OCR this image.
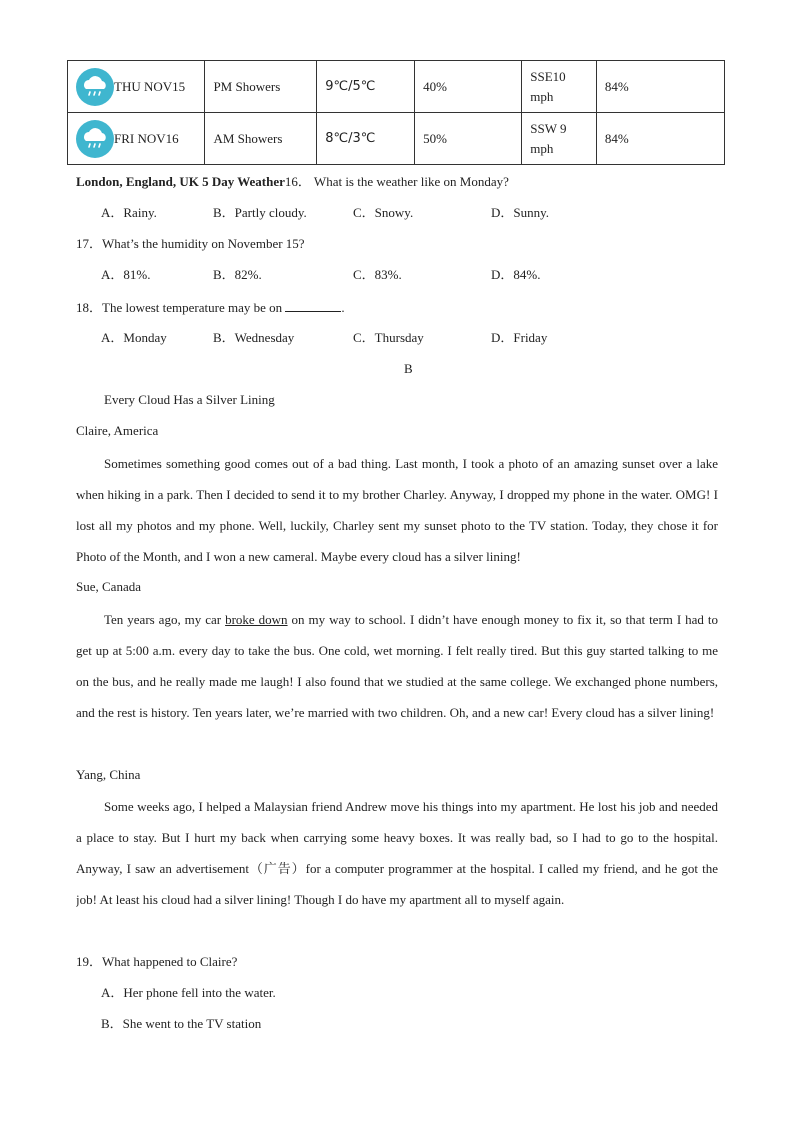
THU NOV15	PM Showers	9℃/5℃	40%	SSE10 mph	84%

FRI NOV16	AM Showers	8℃/3℃	50%	SSW 9 mph	84%
London, England, UK 5 Day Weather16． What is the weather like on Monday?
A．Rainy.	B．Partly cloudy.	C．Snowy.	D．Sunny.
17．What’s the humidity on November 15?
A．81%.	B．82%.	C．83%.	D．84%.
18．The lowest temperature may be on	.
A．Monday	B．Wednesday	C．Thursday	D．Friday
B
Every Cloud Has a Silver Lining
Claire, America
Sometimes something good comes out of a bad thing. Last month, I took a photo of an amazing sunset over a lake when hiking in a park. Then I decided to send it to my brother Charley. Anyway, I dropped my phone in the water. OMG! I lost all my photos and my phone. Well, luckily, Charley sent my sunset photo to the TV station. Today, they chose it for Photo of the Month, and I won a new cameral. Maybe every cloud has a silver lining!
Sue, Canada
Ten years ago, my car broke down on my way to school. I didn’t have enough money to fix it, so that term I had to get up at 5:00 a.m. every day to take the bus. One cold, wet morning. I felt really tired. But this guy started talking to me on the bus, and he really made me laugh! I also found that we studied at the same college. We exchanged phone numbers, and the rest is history. Ten years later, we’re married with two children. Oh, and a new car! Every cloud has a silver lining!
Yang, China
Some weeks ago, I helped a Malaysian friend Andrew move his things into my apartment. He lost his job and needed a place to stay. But I hurt my back when carrying some heavy boxes. It was really bad, so I had to go to the hospital. Anyway, I saw an advertisement（广告）for a computer programmer at the hospital. I called my friend, and he got the job! At least his cloud had a silver lining! Though I do have my apartment all to myself again.
19．What happened to Claire?
A．Her phone fell into the water.
B．She went to the TV station
